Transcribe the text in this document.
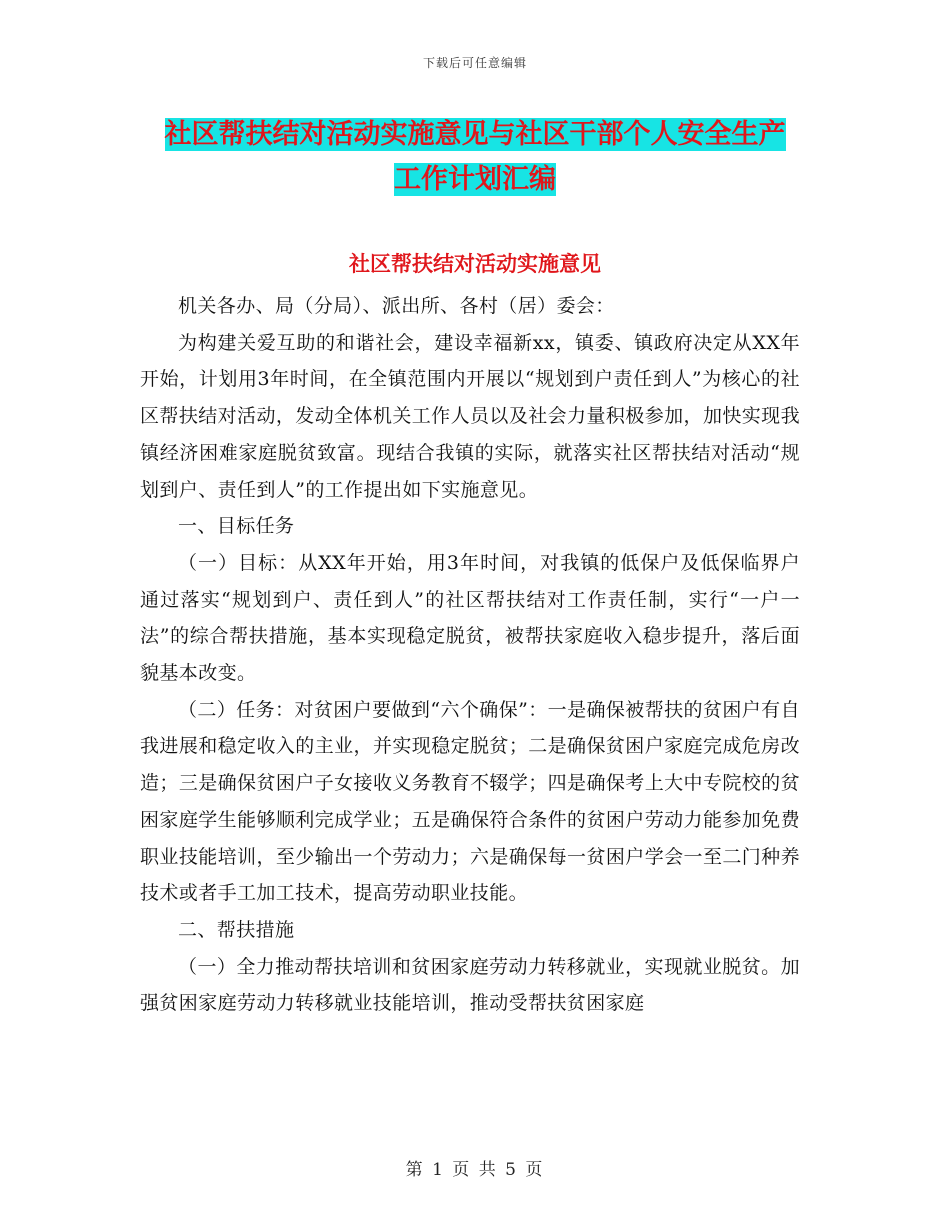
下载后可任意编辑
社区帮扶结对活动实施意见与社区干部个人安全生产
工作计划汇编
社区帮扶结对活动实施意见

机关各办、局（分局）、派出所、各村（居）委会：

为构建关爱互助的和谐社会，建设幸福新xx，镇委、镇政府决定从XX年开始，计划用3年时间，在全镇范围内开展以“规划到户责任到人”为核心的社区帮扶结对活动，发动全体机关工作人员以及社会力量积极参加，加快实现我镇经济困难家庭脱贫致富。现结合我镇的实际，就落实社区帮扶结对活动“规划到户、责任到人”的工作提出如下实施意见。

一、目标任务

（一）目标：从XX年开始，用3年时间，对我镇的低保户及低保临界户通过落实“规划到户、责任到人”的社区帮扶结对工作责任制，实行“一户一法”的综合帮扶措施，基本实现稳定脱贫，被帮扶家庭收入稳步提升，落后面貌基本改变。

（二）任务：对贫困户要做到“六个确保”：一是确保被帮扶的贫困户有自我进展和稳定收入的主业，并实现稳定脱贫；二是确保贫困户家庭完成危房改造；三是确保贫困户子女接收义务教育不辍学；四是确保考上大中专院校的贫困家庭学生能够顺利完成学业；五是确保符合条件的贫困户劳动力能参加免费职业技能培训，至少输出一个劳动力；六是确保每一贫困户学会一至二门种养技术或者手工加工技术，提高劳动职业技能。

二、帮扶措施

（一）全力推动帮扶培训和贫困家庭劳动力转移就业，实现就业脱贫。加强贫困家庭劳动力转移就业技能培训，推动受帮扶贫困家庭

第 1 页 共 5 页
